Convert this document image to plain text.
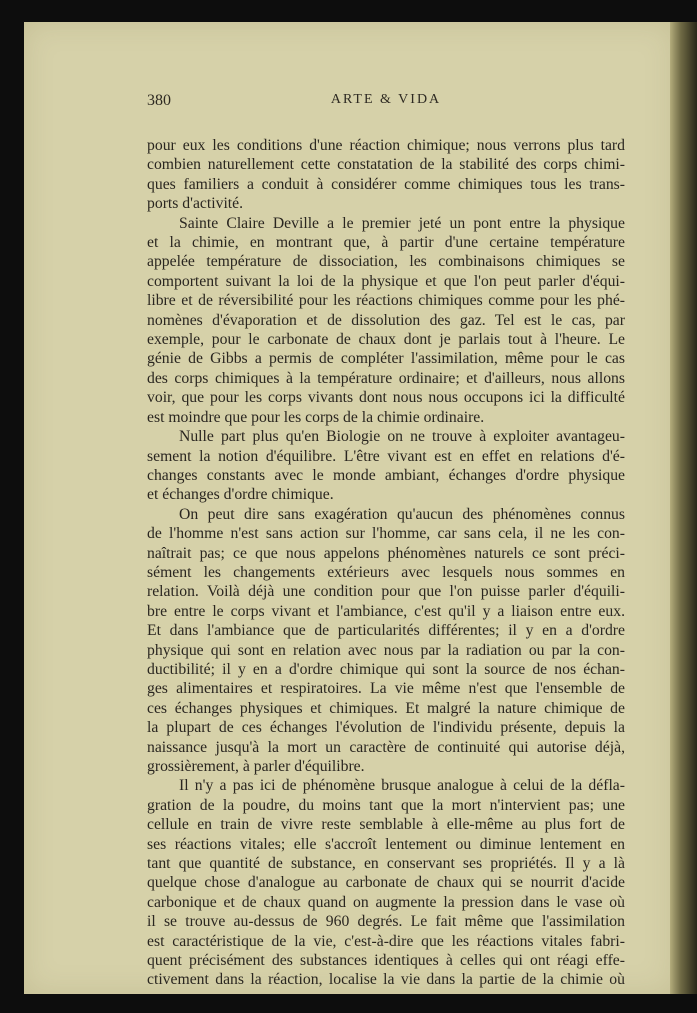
380	ARTE & VIDA
pour eux les conditions d'une réaction chimique; nous verrons plus tard
combien naturellement cette constatation de la stabilité des corps chimi-
ques familiers a conduit à considérer comme chimiques tous les trans-
ports d'activité.
Sainte Claire Deville a le premier jeté un pont entre la physique
et la chimie, en montrant que, à partir d'une certaine température
appelée température de dissociation, les combinaisons chimiques se
comportent suivant la loi de la physique et que l'on peut parler d'équi-
libre et de réversibilité pour les réactions chimiques comme pour les phé-
nomènes d'évaporation et de dissolution des gaz. Tel est le cas, par
exemple, pour le carbonate de chaux dont je parlais tout à l'heure. Le
génie de Gibbs a permis de compléter l'assimilation, même pour le cas
des corps chimiques à la température ordinaire; et d'ailleurs, nous allons
voir, que pour les corps vivants dont nous nous occupons ici la difficulté
est moindre que pour les corps de la chimie ordinaire.
Nulle part plus qu'en Biologie on ne trouve à exploiter avantageu-
sement la notion d'équilibre. L'être vivant est en effet en relations d'é-
changes constants avec le monde ambiant, échanges d'ordre physique
et échanges d'ordre chimique.
On peut dire sans exagération qu'aucun des phénomènes connus
de l'homme n'est sans action sur l'homme, car sans cela, il ne les con-
naîtrait pas; ce que nous appelons phénomènes naturels ce sont préci-
sément les changements extérieurs avec lesquels nous sommes en
relation. Voilà déjà une condition pour que l'on puisse parler d'équili-
bre entre le corps vivant et l'ambiance, c'est qu'il y a liaison entre eux.
Et dans l'ambiance que de particularités différentes; il y en a d'ordre
physique qui sont en relation avec nous par la radiation ou par la con-
ductibilité; il y en a d'ordre chimique qui sont la source de nos échan-
ges alimentaires et respiratoires. La vie même n'est que l'ensemble de
ces échanges physiques et chimiques. Et malgré la nature chimique de
la plupart de ces échanges l'évolution de l'individu présente, depuis la
naissance jusqu'à la mort un caractère de continuité qui autorise déjà,
grossièrement, à parler d'équilibre.
Il n'y a pas ici de phénomène brusque analogue à celui de la défla-
gration de la poudre, du moins tant que la mort n'intervient pas; une
cellule en train de vivre reste semblable à elle-même au plus fort de
ses réactions vitales; elle s'accroît lentement ou diminue lentement en
tant que quantité de substance, en conservant ses propriétés. Il y a là
quelque chose d'analogue au carbonate de chaux qui se nourrit d'acide
carbonique et de chaux quand on augmente la pression dans le vase où
il se trouve au-dessus de 960 degrés. Le fait même que l'assimilation
est caractéristique de la vie, c'est-à-dire que les réactions vitales fabri-
quent précisément des substances identiques à celles qui ont réagi effe-
ctivement dans la réaction, localise la vie dans la partie de la chimie où
